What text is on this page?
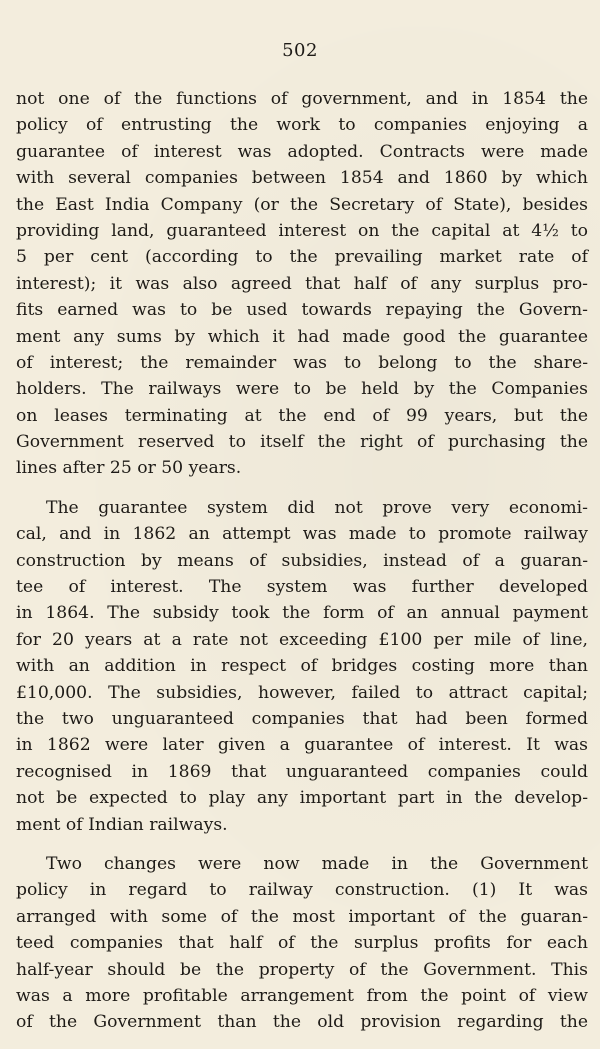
502

not one of the functions of government, and in 1854 the
policy of entrusting the work to companies enjoying a
guarantee of interest was adopted. Contracts were made
with several companies between 1854 and 1860 by which
the East India Company (or the Secretary of State), besides
providing land, guaranteed interest on the capital at 4½ to
5 per cent (according to the prevailing market rate of
interest); it was also agreed that half of any surplus pro-
fits earned was to be used towards repaying the Govern-
ment any sums by which it had made good the guarantee
of interest; the remainder was to belong to the share-
holders. The railways were to be held by the Companies
on leases terminating at the end of 99 years, but the
Government reserved to itself the right of purchasing the
lines after 25 or 50 years.

The guarantee system did not prove very economi-
cal, and in 1862 an attempt was made to promote railway
construction by means of subsidies, instead of a guaran-
tee of interest. The system was further developed
in 1864. The subsidy took the form of an annual payment
for 20 years at a rate not exceeding £100 per mile of line,
with an addition in respect of bridges costing more than
£10,000. The subsidies, however, failed to attract capital;
the two unguaranteed companies that had been formed
in 1862 were later given a guarantee of interest. It was
recognised in 1869 that unguaranteed companies could
not be expected to play any important part in the develop-
ment of Indian railways.

Two changes were now made in the Government
policy in regard to railway construction. (1) It was
arranged with some of the most important of the guaran-
teed companies that half of the surplus profits for each
half-year should be the property of the Government. This
was a more profitable arrangement from the point of view
of the Government than the old provision regarding the
